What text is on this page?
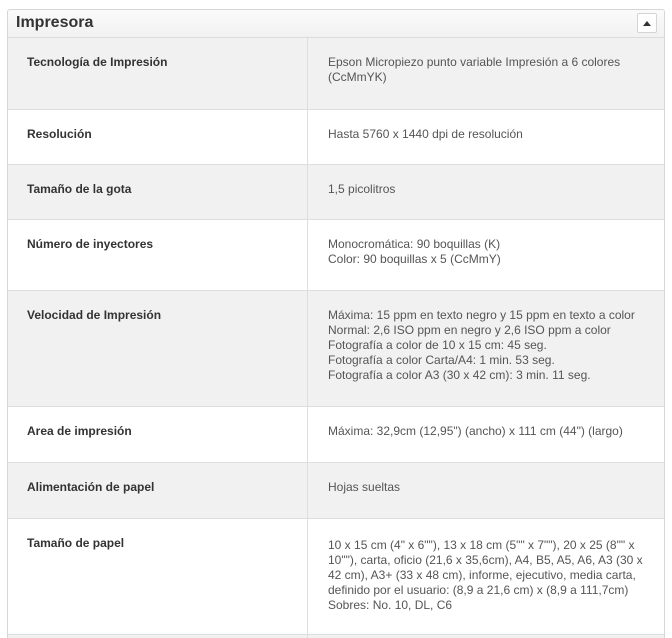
Impresora
Tecnología de Impresión	Epson Micropiezo punto variable Impresión a 6 colores
(CcMmYK)
Resolución	Hasta 5760 x 1440 dpi de resolución
Tamaño de la gota	1,5 picolitros
Número de inyectores	Monocromática: 90 boquillas (K)
Color: 90 boquillas x 5 (CcMmY)
Velocidad de Impresión	Máxima: 15 ppm en texto negro y 15 ppm en texto a color
Normal: 2,6 ISO ppm en negro y 2,6 ISO ppm a color
Fotografía a color de 10 x 15 cm: 45 seg.
Fotografía a color Carta/A4: 1 min. 53 seg.
Fotografía a color A3 (30 x 42 cm): 3 min. 11 seg.
Area de impresión	Máxima: 32,9cm (12,95") (ancho) x 111 cm (44") (largo)
Alimentación de papel	Hojas sueltas
Tamaño de papel	10 x 15 cm (4" x 6""), 13 x 18 cm (5"" x 7""), 20 x 25 (8"" x
10""), carta, oficio (21,6 x 35,6cm), A4, B5, A5, A6, A3 (30 x
42 cm), A3+ (33 x 48 cm), informe, ejecutivo, media carta,
definido por el usuario: (8,9 a 21,6 cm) x (8,9 a 111,7cm)
Sobres: No. 10, DL, C6
